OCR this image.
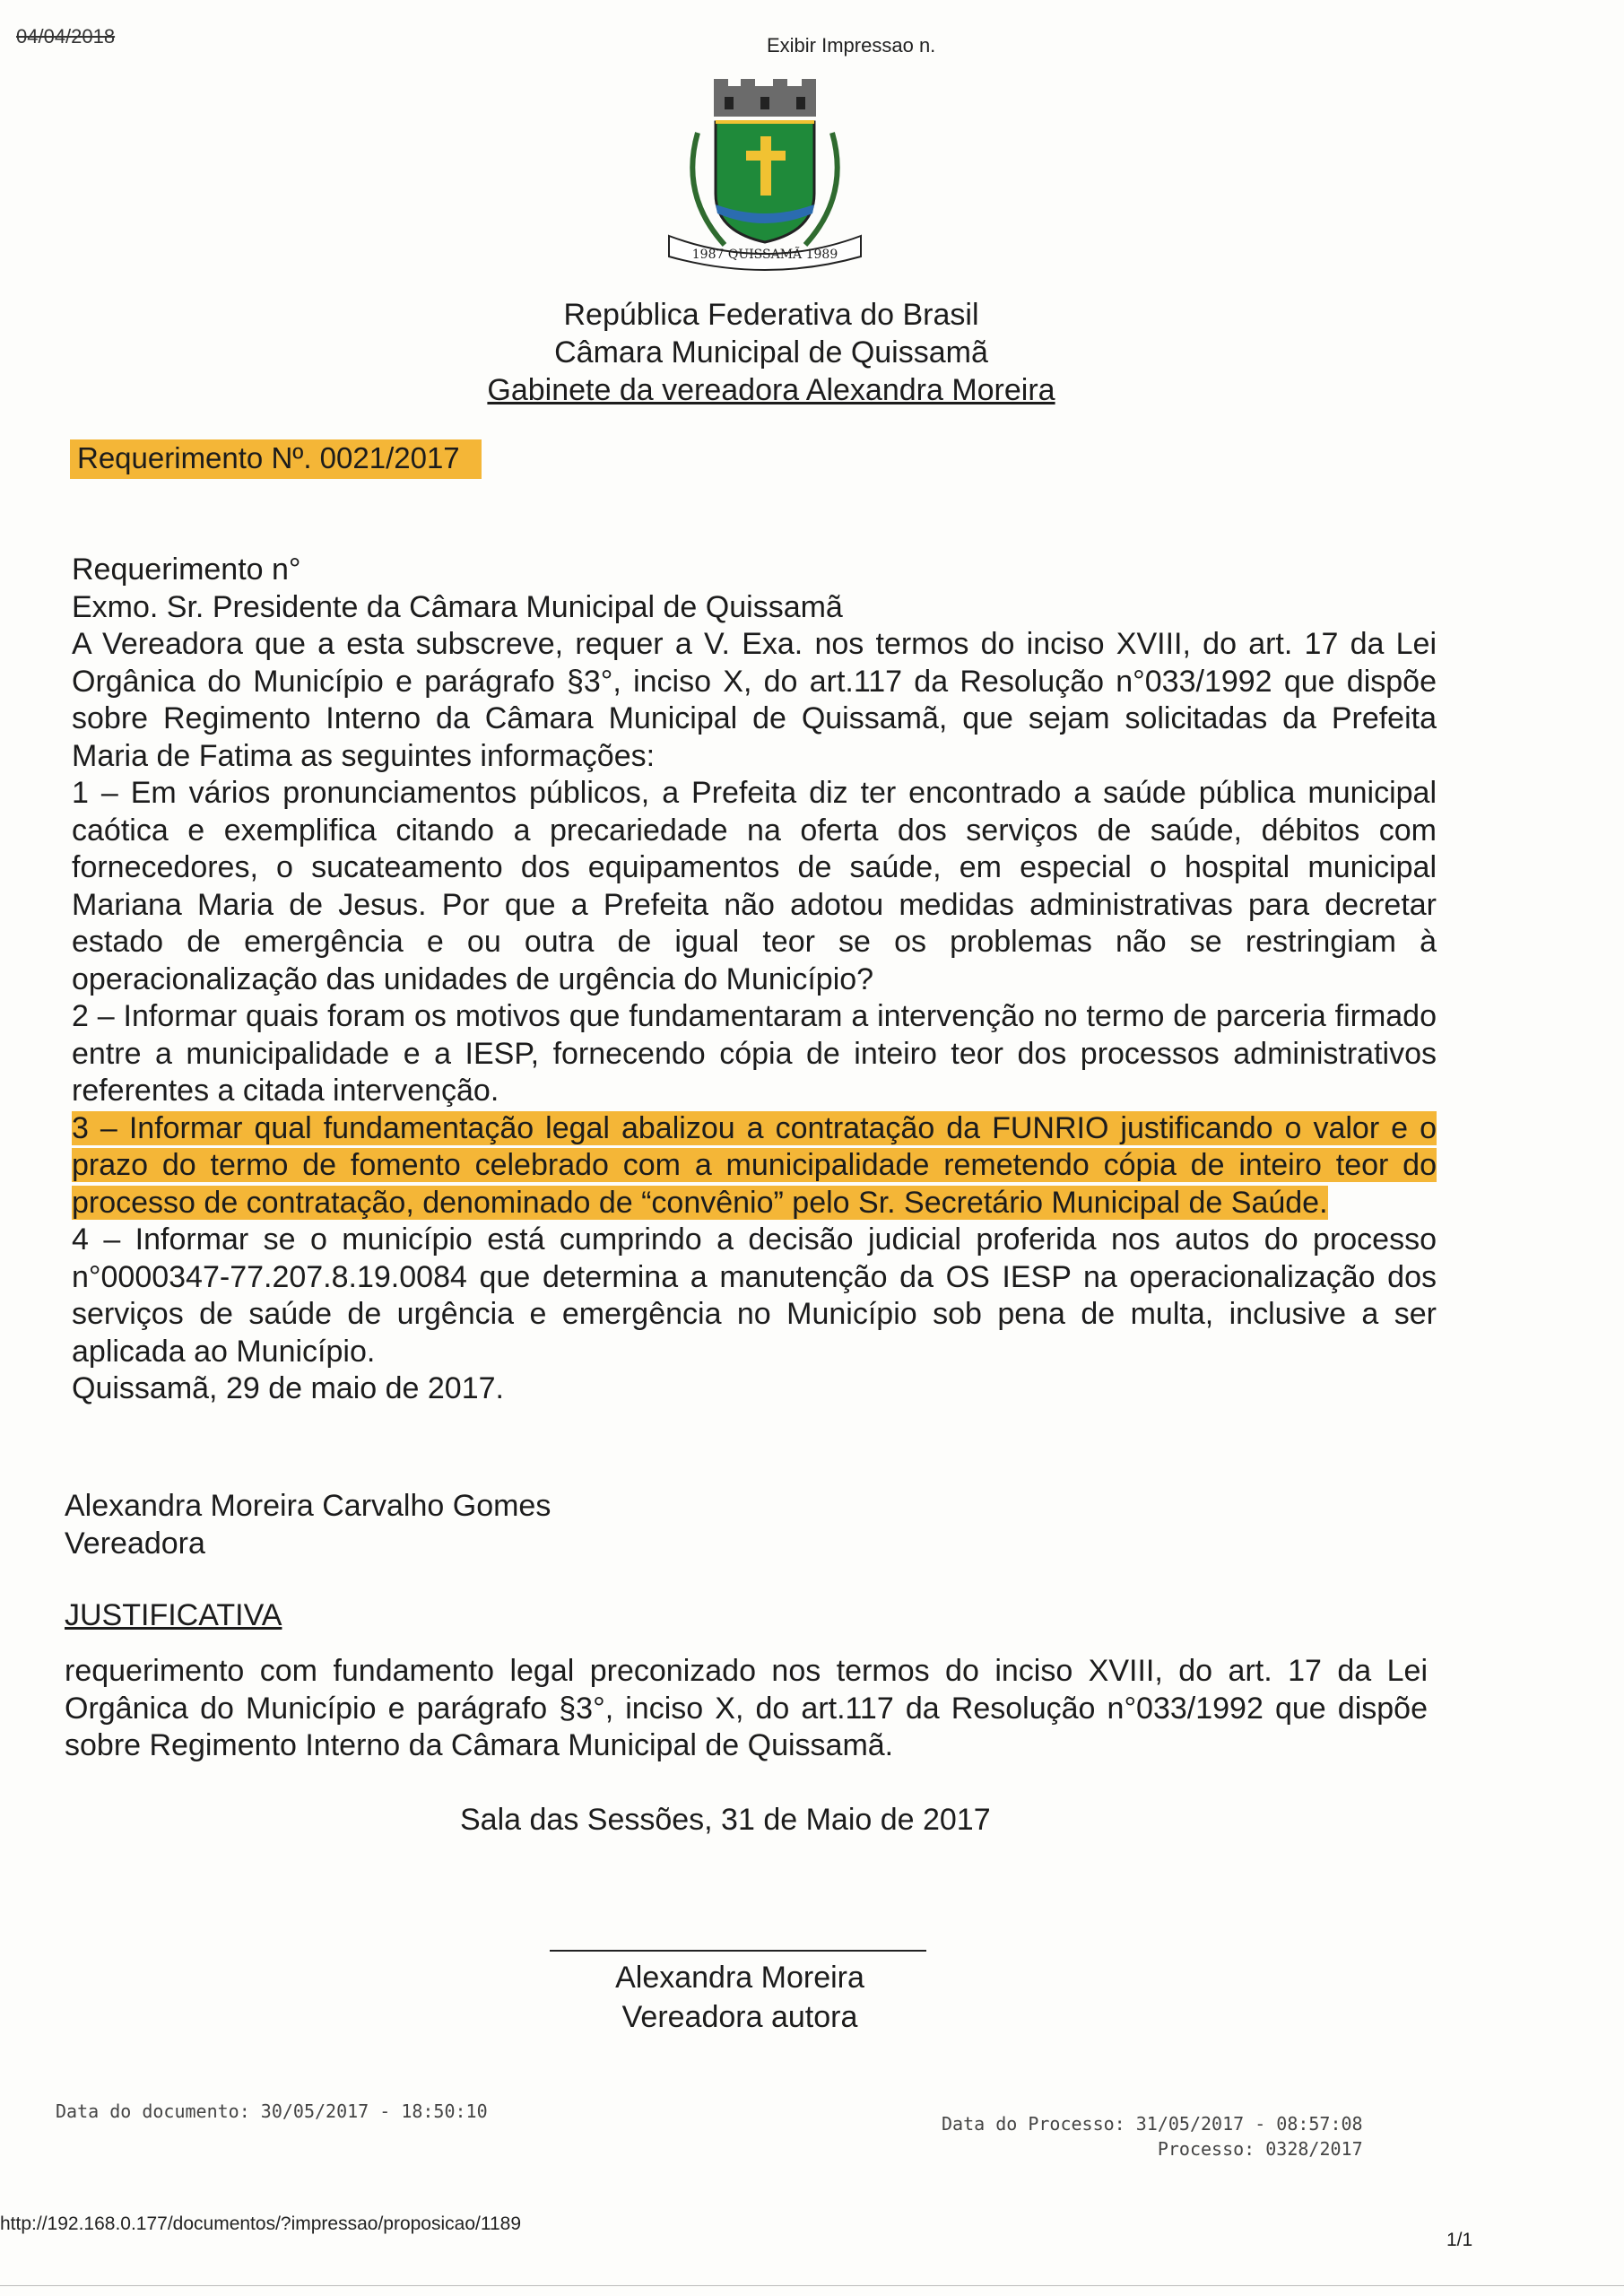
04/04/2018	Exibir Impressao n.
1987 QUISSAMÃ 1989
República Federativa do Brasil
Câmara Municipal de Quissamã
Gabinete da vereadora Alexandra Moreira
Requerimento Nº. 0021/2017

Requerimento n°

Exmo. Sr. Presidente da Câmara Municipal de Quissamã

A Vereadora que a esta subscreve, requer a V. Exa. nos termos do inciso XVIII, do art. 17 da Lei Orgânica do Município e parágrafo §3°, inciso X, do art.117 da Resolução n°033/1992 que dispõe sobre Regimento Interno da Câmara Municipal de Quissamã, que sejam solicitadas da Prefeita Maria de Fatima as seguintes informações:

1 – Em vários pronunciamentos públicos, a Prefeita diz ter encontrado a saúde pública municipal caótica e exemplifica citando a precariedade na oferta dos serviços de saúde, débitos com fornecedores, o sucateamento dos equipamentos de saúde, em especial o hospital municipal Mariana Maria de Jesus. Por que a Prefeita não adotou medidas administrativas para decretar estado de emergência e ou outra de igual teor se os problemas não se restringiam à operacionalização das unidades de urgência do Município?

2 – Informar quais foram os motivos que fundamentaram a intervenção no termo de parceria firmado entre a municipalidade e a IESP, fornecendo cópia de inteiro teor dos processos administrativos referentes a citada intervenção.

3 – Informar qual fundamentação legal abalizou a contratação da FUNRIO justificando o valor e o prazo do termo de fomento celebrado com a municipalidade remetendo cópia de inteiro teor do processo de contratação, denominado de “convênio” pelo Sr. Secretário Municipal de Saúde.

4 – Informar se o município está cumprindo a decisão judicial proferida nos autos do processo n°0000347-77.207.8.19.0084 que determina a manutenção da OS IESP na operacionalização dos serviços de saúde de urgência e emergência no Município sob pena de multa, inclusive a ser aplicada ao Município.

Quissamã, 29 de maio de 2017.

Alexandra Moreira Carvalho Gomes
Vereadora
JUSTIFICATIVA
requerimento com fundamento legal preconizado nos termos do inciso XVIII, do art. 17 da Lei Orgânica do Município e parágrafo §3°, inciso X, do art.117 da Resolução n°033/1992 que dispõe sobre Regimento Interno da Câmara Municipal de Quissamã.
Sala das Sessões, 31 de Maio de 2017
Alexandra Moreira
Vereadora autora
Data do documento: 30/05/2017 - 18:50:10
Data do Processo: 31/05/2017 - 08:57:08
Processo: 0328/2017
http://192.168.0.177/documentos/?impressao/proposicao/1189
1/1
